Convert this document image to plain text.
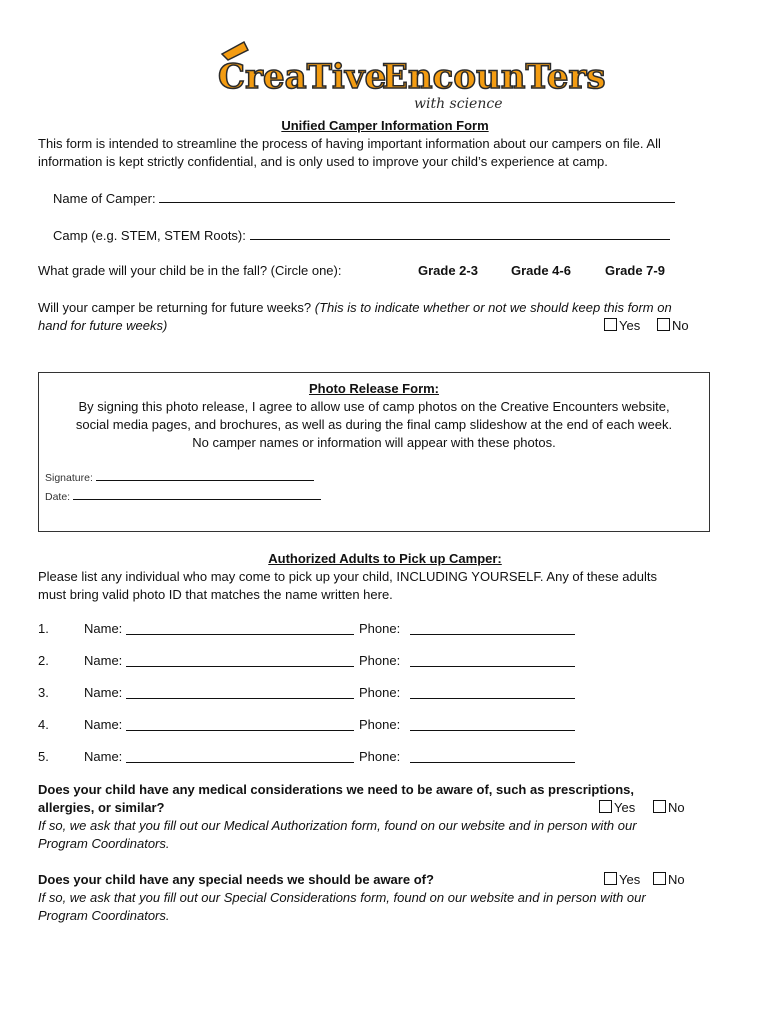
CreaTive
EncounTers
with science
Unified Camper Information Form
This form is intended to streamline the process of having important information about our campers on file. All
information is kept strictly confidential, and is only used to improve your child’s experience at camp.
Name of Camper:
Camp (e.g. STEM, STEM Roots):
What grade will your child be in the fall? (Circle one):	Grade 2-3	Grade 4-6	Grade 7-9
Will your camper be returning for future weeks? (This is to indicate whether or not we should keep this form on
hand for future weeks)	Yes	No
Photo Release Form:
By signing this photo release, I agree to allow use of camp photos on the Creative Encounters website,
social media pages, and brochures, as well as during the final camp slideshow at the end of each week.
No camper names or information will appear with these photos.
Signature:
Date:
Authorized Adults to Pick up Camper:
Please list any individual who may come to pick up your child, INCLUDING YOURSELF. Any of these adults
must bring valid photo ID that matches the name written here.
1.	Name:	Phone:
2.	Name:	Phone:
3.	Name:	Phone:
4.	Name:	Phone:
5.	Name:	Phone:
Does your child have any medical considerations we need to be aware of, such as prescriptions,
allergies, or similar?	Yes	No
If so, we ask that you fill out our Medical Authorization form, found on our website and in person with our
Program Coordinators.
Does your child have any special needs we should be aware of?	Yes	No
If so, we ask that you fill out our Special Considerations form, found on our website and in person with our
Program Coordinators.
